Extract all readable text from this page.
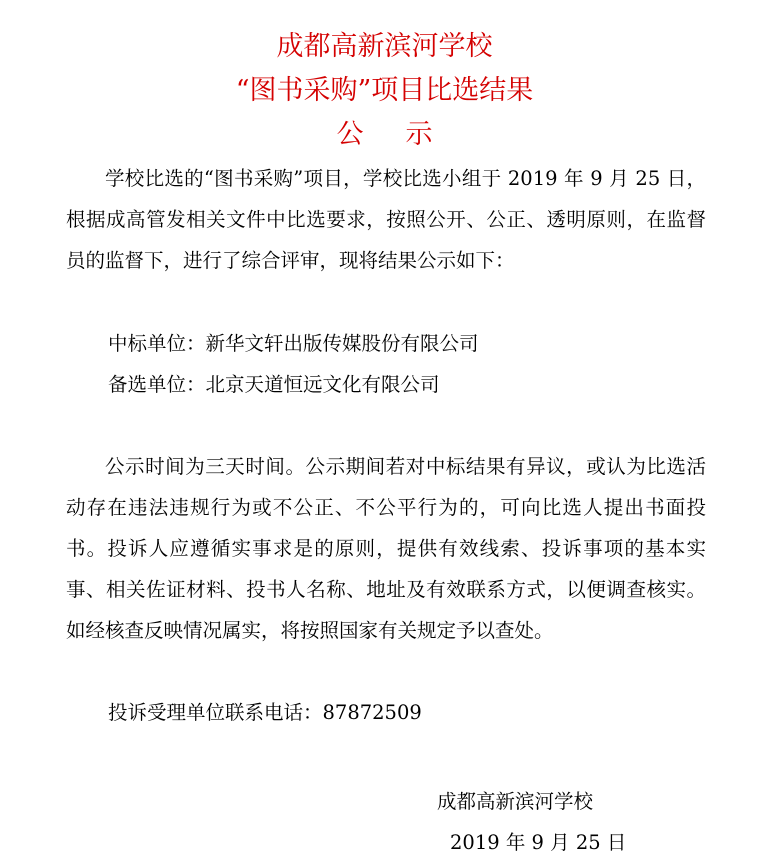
成都高新滨河学校
“图书采购”项目比选结果
公示
学校比选的“图书采购”项目，学校比选小组于 2019 年 9 月 25 日，根据成高管发相关文件中比选要求，按照公开、公正、透明原则，在监督员的监督下，进行了综合评审，现将结果公示如下：
中标单位：新华文轩出版传媒股份有限公司
备选单位：北京天道恒远文化有限公司
公示时间为三天时间。公示期间若对中标结果有异议，或认为比选活动存在违法违规行为或不公正、不公平行为的，可向比选人提出书面投书。投诉人应遵循实事求是的原则，提供有效线索、投诉事项的基本实事、相关佐证材料、投书人名称、地址及有效联系方式，以便调查核实。如经核查反映情况属实，将按照国家有关规定予以查处。
投诉受理单位联系电话：87872509
成都高新滨河学校
2019 年 9 月 25 日
